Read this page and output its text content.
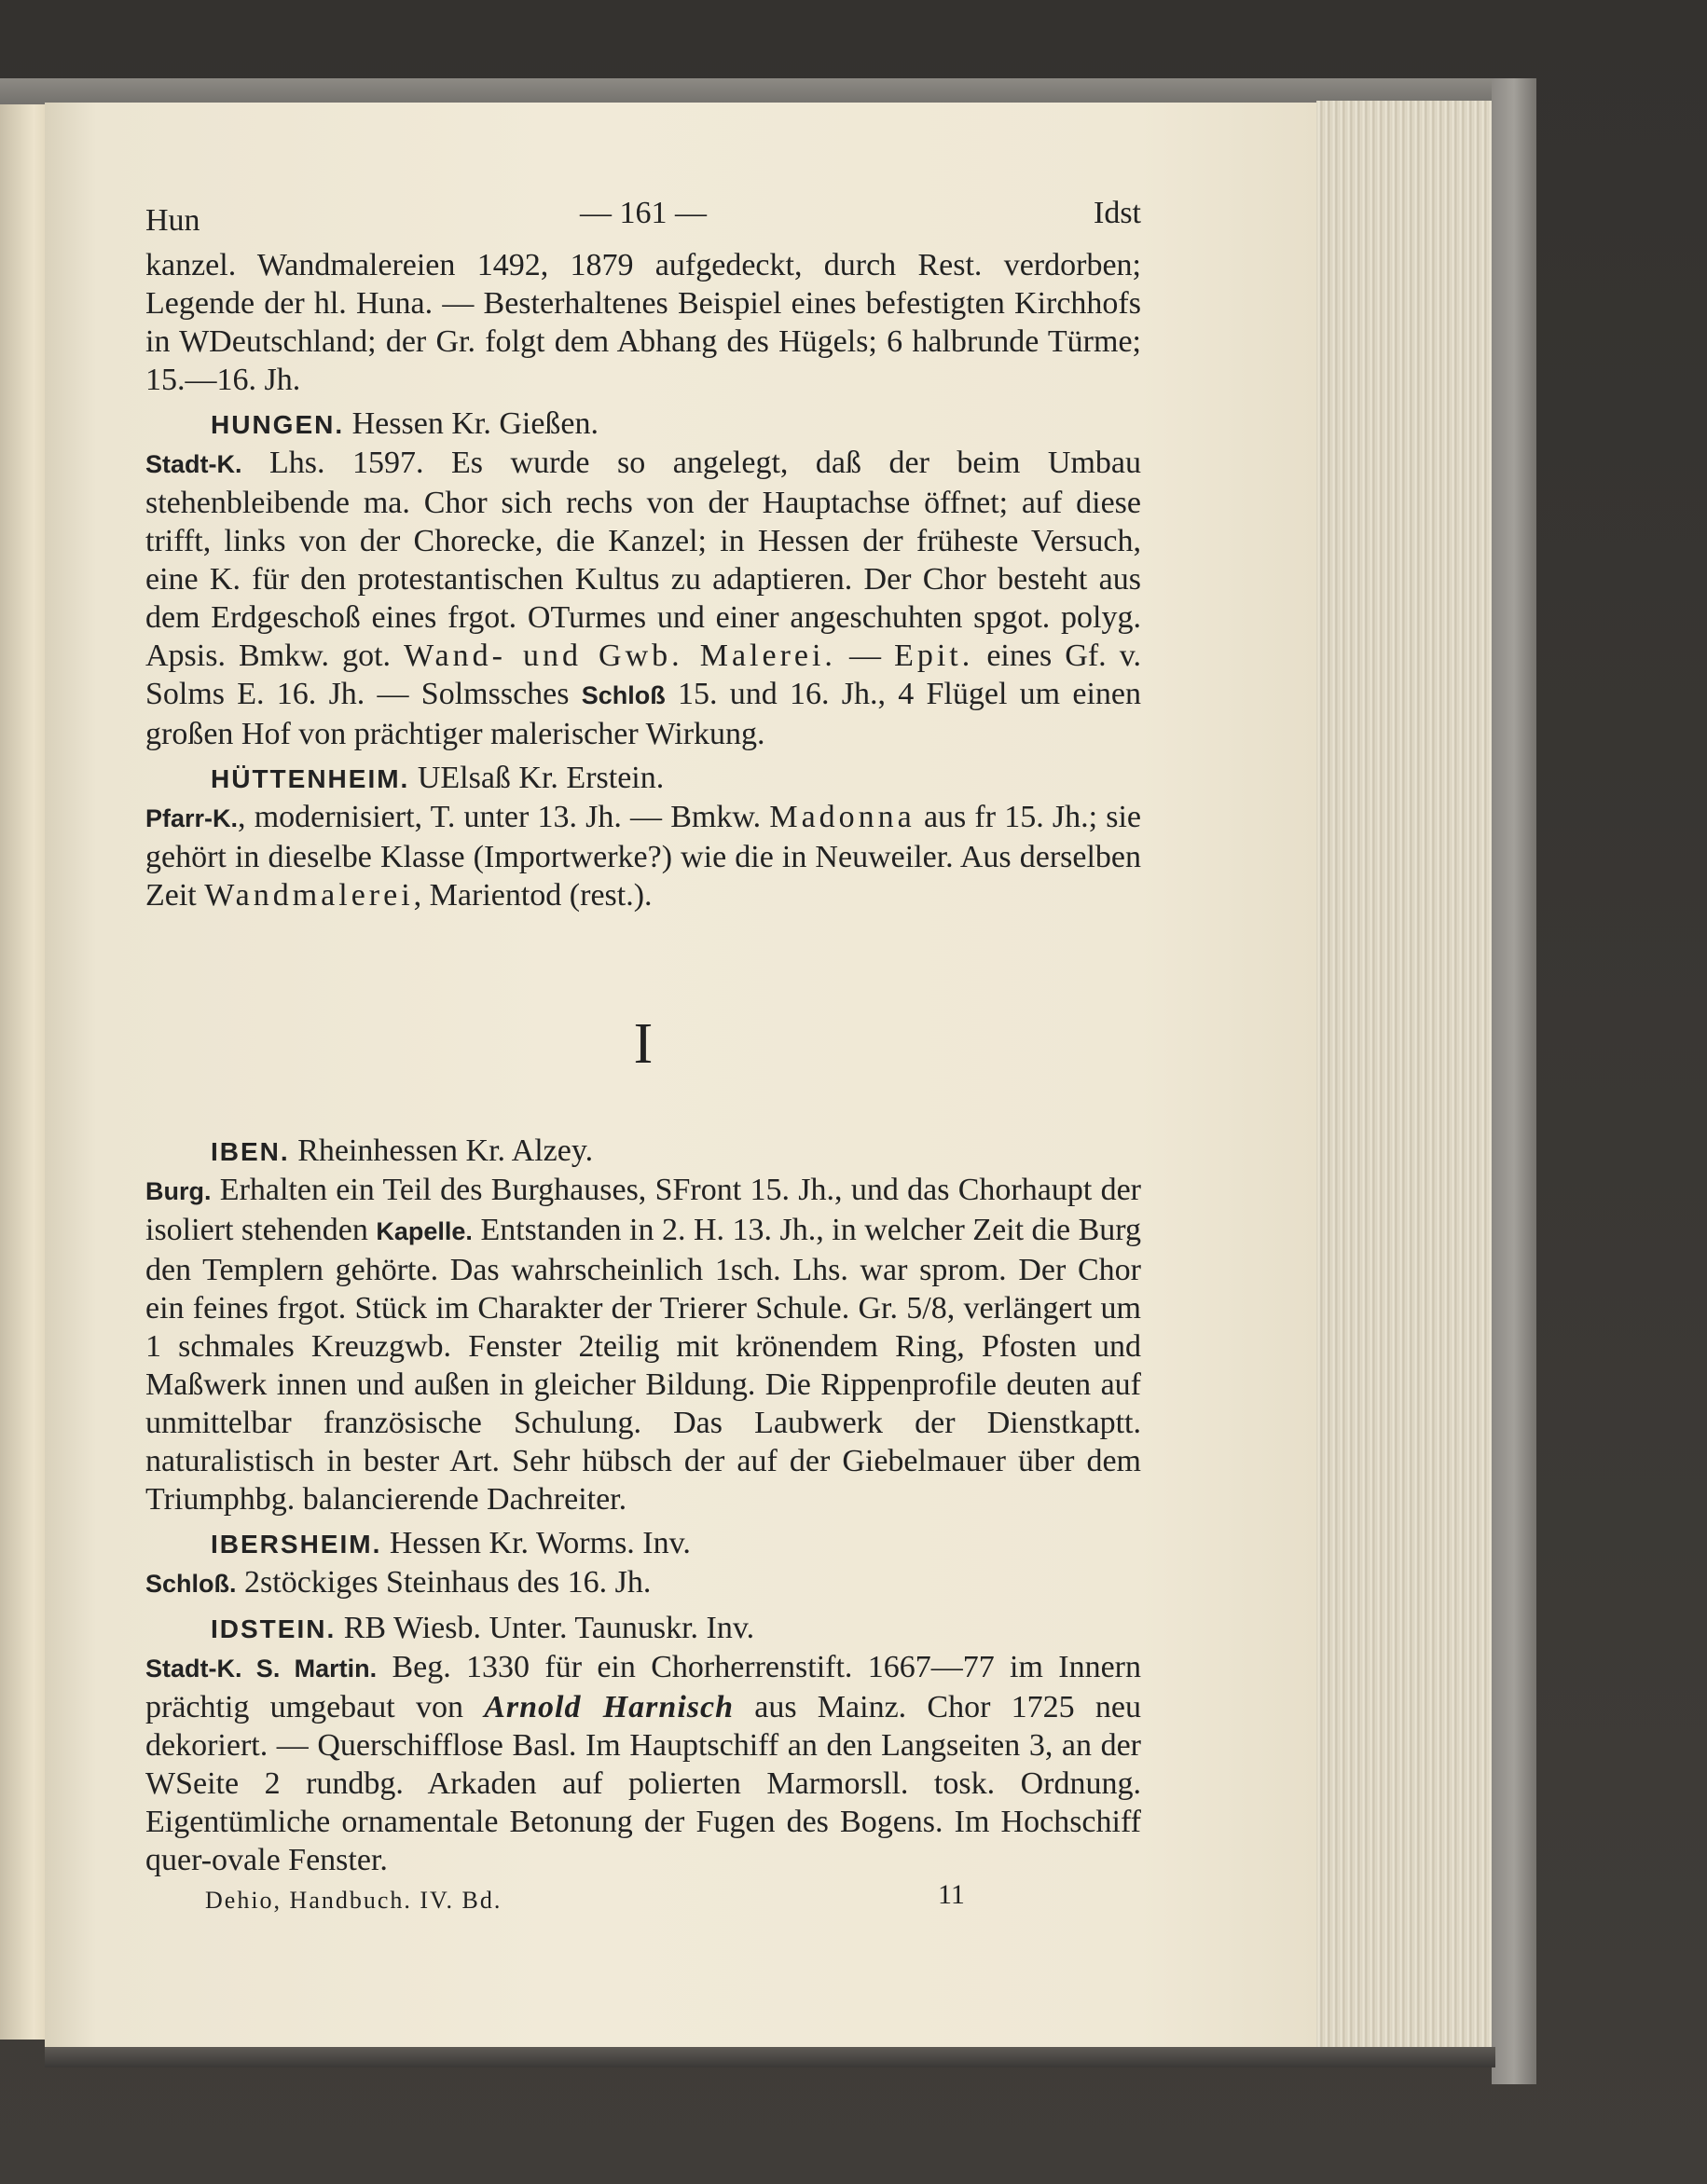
Hun	— 161 —	Idst

kanzel. Wandmalereien 1492, 1879 aufgedeckt, durch Rest. verdorben; Legende der hl. Huna. — Besterhaltenes Beispiel eines befestigten Kirchhofs in WDeutschland; der Gr. folgt dem Abhang des Hügels; 6 halbrunde Türme; 15.—16. Jh.

HUNGEN. Hessen Kr. Gießen.

Stadt-K. Lhs. 1597. Es wurde so angelegt, daß der beim Umbau stehenbleibende ma. Chor sich rechs von der Hauptachse öffnet; auf diese trifft, links von der Chorecke, die Kanzel; in Hessen der früheste Versuch, eine K. für den protestantischen Kultus zu adaptieren. Der Chor besteht aus dem Erdgeschoß eines frgot. OTurmes und einer angeschuhten spgot. polyg. Apsis. Bmkw. got. Wand- und Gwb. Malerei. — Epit. eines Gf. v. Solms E. 16. Jh. — Solmssches Schloß 15. und 16. Jh., 4 Flügel um einen großen Hof von prächtiger malerischer Wirkung.

HÜTTENHEIM. UElsaß Kr. Erstein.

Pfarr-K., modernisiert, T. unter 13. Jh. — Bmkw. Madonna aus fr 15. Jh.; sie gehört in dieselbe Klasse (Importwerke?) wie die in Neuweiler. Aus derselben Zeit Wandmalerei, Marientod (rest.).

I
IBEN. Rheinhessen Kr. Alzey.

Burg. Erhalten ein Teil des Burghauses, SFront 15. Jh., und das Chorhaupt der isoliert stehenden Kapelle. Entstanden in 2. H. 13. Jh., in welcher Zeit die Burg den Templern gehörte. Das wahrscheinlich 1sch. Lhs. war sprom. Der Chor ein feines frgot. Stück im Charakter der Trierer Schule. Gr. 5/8, verlängert um 1 schmales Kreuzgwb. Fenster 2teilig mit krönendem Ring, Pfosten und Maßwerk innen und außen in gleicher Bildung. Die Rippenprofile deuten auf unmittelbar französische Schulung. Das Laubwerk der Dienstkaptt. naturalistisch in bester Art. Sehr hübsch der auf der Giebelmauer über dem Triumphbg. balancierende Dachreiter.

IBERSHEIM. Hessen Kr. Worms. Inv.

Schloß. 2stöckiges Steinhaus des 16. Jh.

IDSTEIN. RB Wiesb. Unter. Taunuskr. Inv.

Stadt-K. S. Martin. Beg. 1330 für ein Chorherrenstift. 1667—77 im Innern prächtig umgebaut von Arnold Harnisch aus Mainz. Chor 1725 neu dekoriert. — Querschifflose Basl. Im Hauptschiff an den Langseiten 3, an der WSeite 2 rundbg. Arkaden auf polierten Marmorsll. tosk. Ordnung. Eigentümliche ornamentale Betonung der Fugen des Bogens. Im Hochschiff quer-ovale Fenster.

Dehio, Handbuch. IV. Bd.	11
